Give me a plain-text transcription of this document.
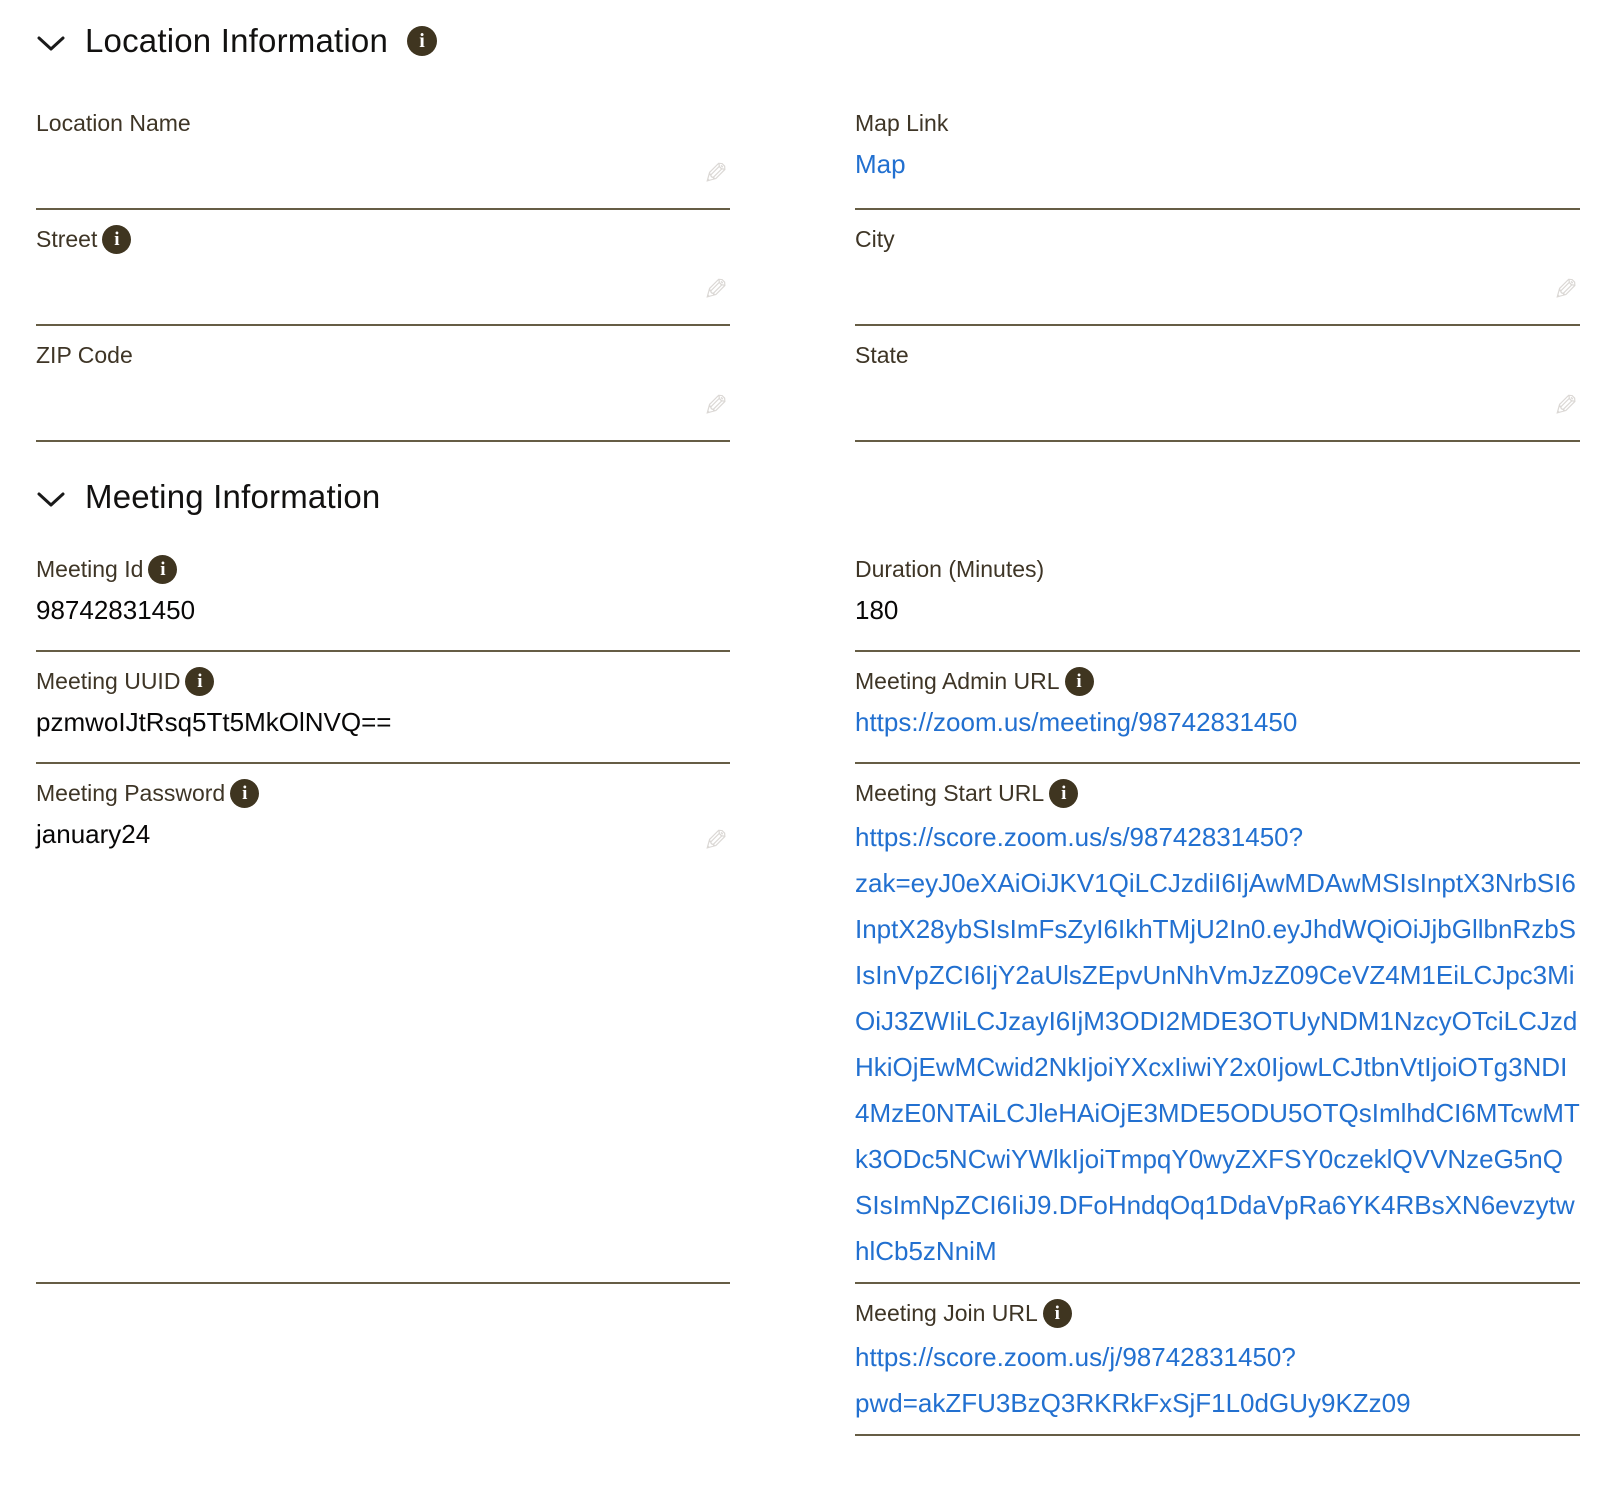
Location Information	i
Location Name
✎
Map Link
Map
Street i
✎
City
✎
ZIP Code
✎
State
✎
Meeting Information
Meeting Id i
98742831450
Duration (Minutes)
180
Meeting UUID i
pzmwoIJtRsq5Tt5MkOlNVQ==
Meeting Admin URL i
https://zoom.us/meeting/98742831450
Meeting Password i
january24	✎
Meeting Start URL i
https://score.zoom.us/s/98742831450?
zak=eyJ0eXAiOiJKV1QiLCJzdiI6IjAwMDAwMSIsInptX3NrbSI6InptX28ybSIsImFsZyI6IkhTMjU2In0.eyJhdWQiOiJjbGllbnRzbSIsInVpZCI6IjY2aUlsZEpvUnNhVmJzZ09CeVZ4M1EiLCJpc3MiOiJ3ZWIiLCJzayI6IjM3ODI2MDE3OTUyNDM1NzcyOTciLCJzdHkiOjEwMCwid2NkIjoiYXcxIiwiY2x0IjowLCJtbnVtIjoiOTg3NDI4MzE0NTAiLCJleHAiOjE3MDE5ODU5OTQsImlhdCI6MTcwMTk3ODc5NCwiYWlkIjoiTmpqY0wyZXFSY0czeklQVVNzeG5nQSIsImNpZCI6IiJ9.DFoHndqOq1DdaVpRa6YK4RBsXN6evzytwhlCb5zNniM
Meeting Join URL i
https://score.zoom.us/j/98742831450?
pwd=akZFU3BzQ3RKRkFxSjF1L0dGUy9KZz09
